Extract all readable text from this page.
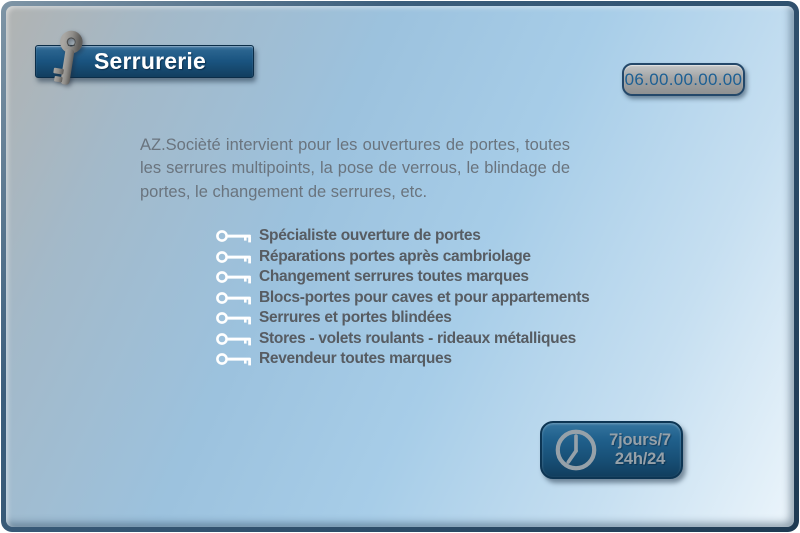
Serrurerie
06.00.00.00.00

AZ.Socièté intervient pour les ouvertures de portes, toutes les serrures multipoints, la pose de verrous, le blindage de portes, le changement de serrures, etc.

Spécialiste ouverture de portes
Réparations portes après cambriolage
Changement serrures toutes marques
Blocs-portes pour caves et pour appartements
Serrures et portes blindées
Stores - volets roulants - rideaux métalliques
Revendeur toutes marques
7jours/7
24h/24
